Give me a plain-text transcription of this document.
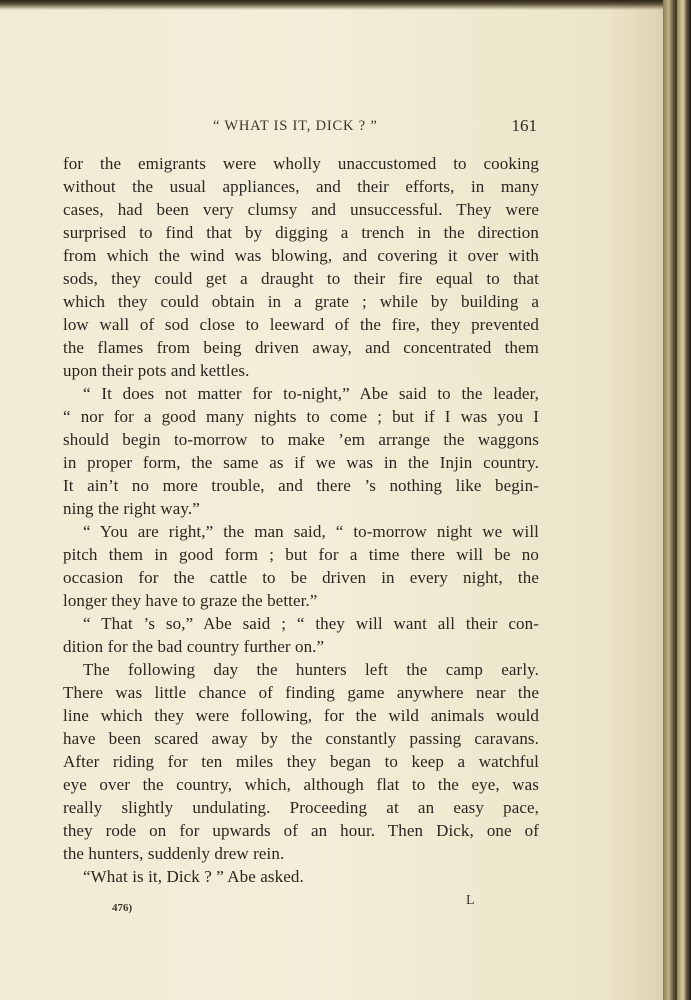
“ WHAT IS IT, DICK ? ”	161
for the emigrants were wholly unaccustomed to cooking
without the usual appliances, and their efforts, in many
cases, had been very clumsy and unsuccessful. They were
surprised to find that by digging a trench in the direction
from which the wind was blowing, and covering it over with
sods, they could get a draught to their fire equal to that
which they could obtain in a grate ; while by building a
low wall of sod close to leeward of the fire, they prevented
the flames from being driven away, and concentrated them
upon their pots and kettles.
“ It does not matter for to-night,” Abe said to the leader,
“ nor for a good many nights to come ; but if I was you I
should begin to-morrow to make ’em arrange the waggons
in proper form, the same as if we was in the Injin country.
It ain’t no more trouble, and there ’s nothing like begin-
ning the right way.”
“ You are right,” the man said, “ to-morrow night we will
pitch them in good form ; but for a time there will be no
occasion for the cattle to be driven in every night, the
longer they have to graze the better.”
“ That ’s so,” Abe said ; “ they will want all their con-
dition for the bad country further on.”
The following day the hunters left the camp early.
There was little chance of finding game anywhere near the
line which they were following, for the wild animals would
have been scared away by the constantly passing caravans.
After riding for ten miles they began to keep a watchful
eye over the country, which, although flat to the eye, was
really slightly undulating. Proceeding at an easy pace,
they rode on for upwards of an hour. Then Dick, one of
the hunters, suddenly drew rein.
“What is it, Dick ? ” Abe asked.
476)	L
